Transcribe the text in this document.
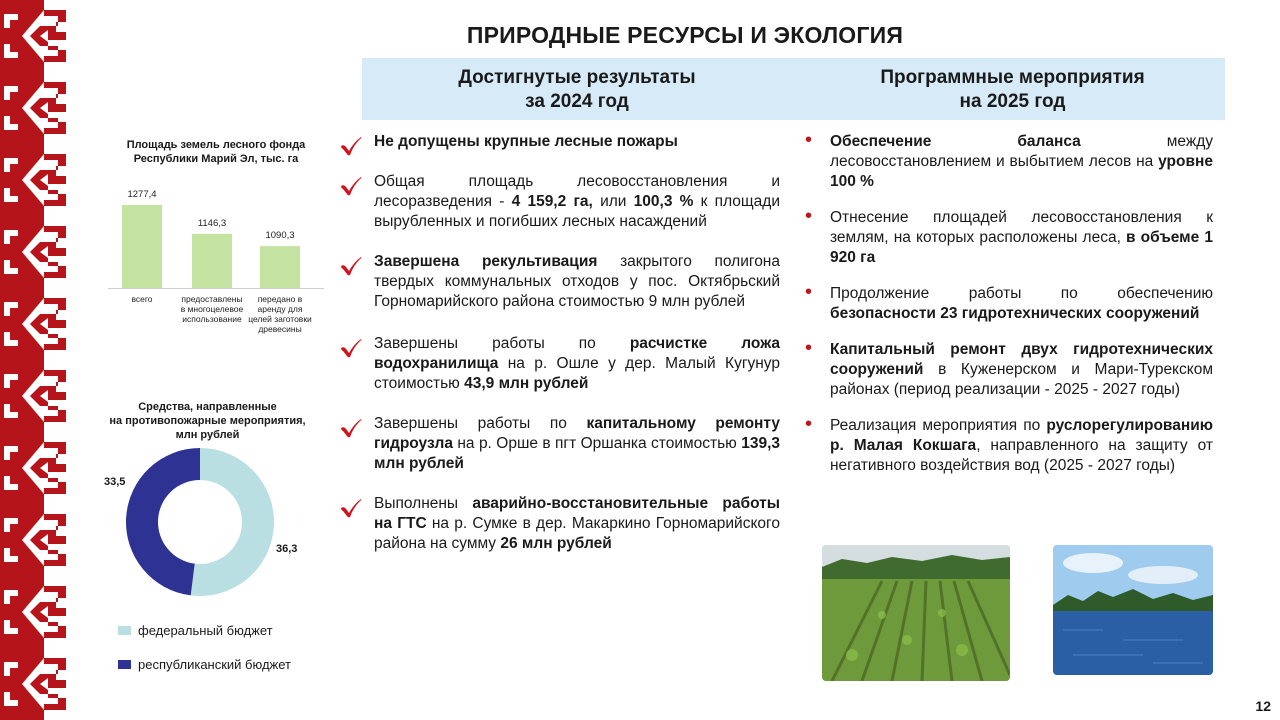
ПРИРОДНЫЕ РЕСУРСЫ И ЭКОЛОГИЯ
Достигнутые результаты
за 2024 год
Программные мероприятия
на 2025 год
Площадь земель лесного фонда
Республики Марий Эл, тыс. га
1277,4
1146,3
1090,3
всего	предоставлены
в многоцелевое
использование
передано в
аренду для
целей заготовки
древесины
Средства, направленные
на противопожарные мероприятия,
млн рублей
33,5
36,3
федеральный бюджет
республиканский бюджет
Не допущены крупные лесные пожары
Общая площадь лесовосстановления и лесоразведения - 4 159,2 га, или 100,3 % к площади вырубленных и погибших лесных насаждений
Завершена рекультивация закрытого полигона твердых коммунальных отходов у пос. Октябрьский Горномарийского района стоимостью 9 млн рублей
Завершены работы по расчистке ложа водохранилища на р. Ошле у дер. Малый Кугунур стоимостью 43,9 млн рублей
Завершены работы по капитальному ремонту гидроузла на р. Орше в пгт Оршанка стоимостью 139,3 млн рублей
Выполнены аварийно-восстановительные работы на ГТС на р. Сумке в дер. Макаркино Горномарийского района на сумму 26 млн рублей
• Обеспечение баланса между лесовосстановлением и выбытием лесов на уровне 100 %
• Отнесение площадей лесовосстановления к землям, на которых расположены леса, в объеме 1 920 га
• Продолжение работы по обеспечению безопасности 23 гидротехнических сооружений
• Капитальный ремонт двух гидротехнических сооружений в Куженерском и Мари-Турекском районах (период реализации - 2025 - 2027 годы)
• Реализация мероприятия по руслорегулированию р. Малая Кокшага, направленного на защиту от негативного воздействия вод (2025 - 2027 годы)
12
